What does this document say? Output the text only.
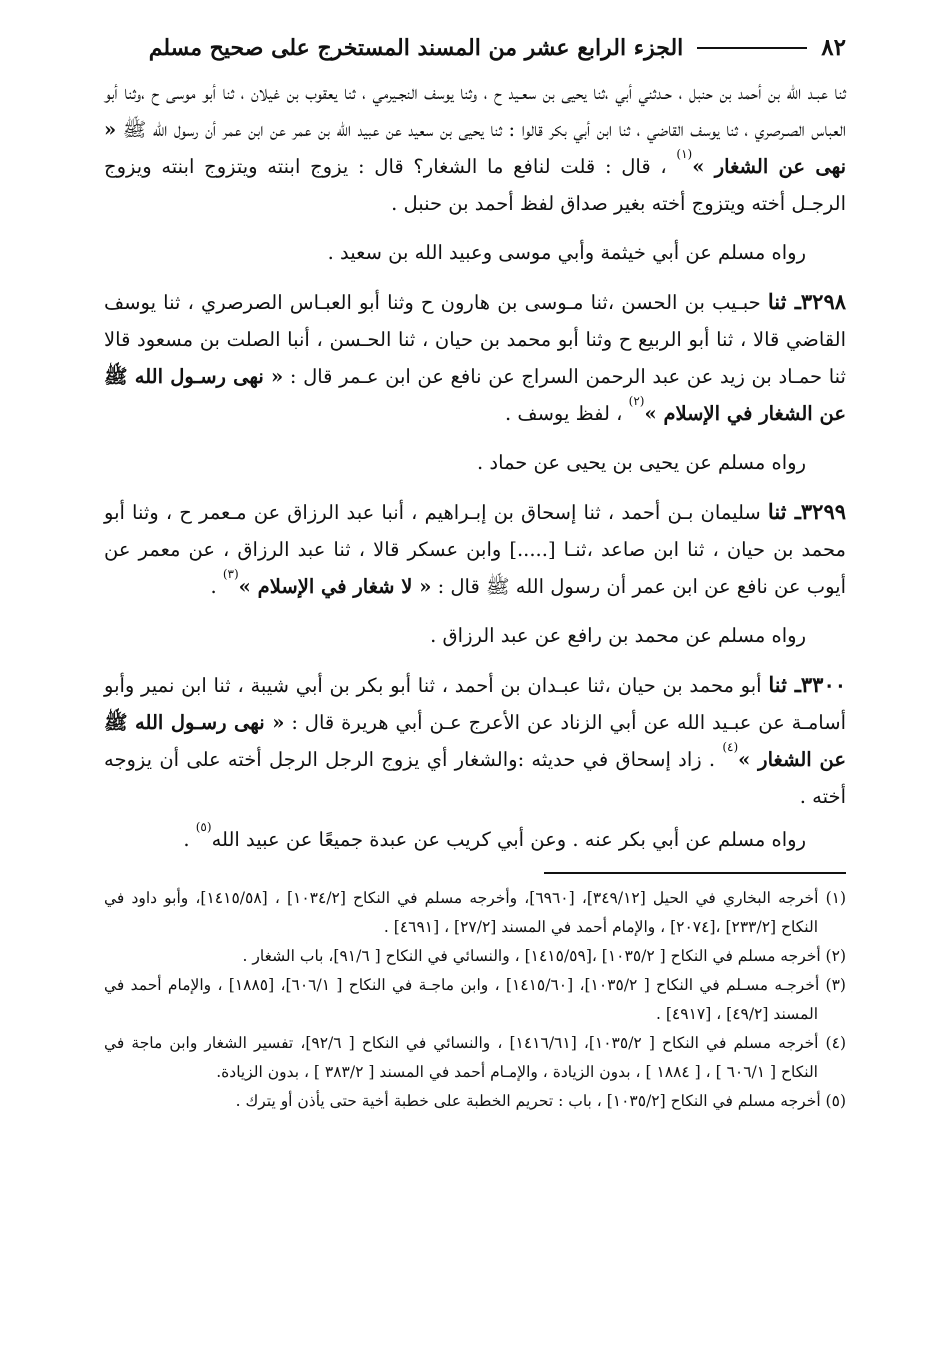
٨٢
الجزء الرابع عشر من المسند المستخرج على صحيح مسلم

ثنا عبـد الله بن أحمد بن حنبل ، حـدثني أبي ،ثنا يحيى بن سعـيد ح ، وثنا يوسف النجـيرمي ، ثنا يعقوب بن غيلان ، ثنا أبو موسى ح ،وثنا أبو العباس الصـرصري ، ثنا يوسف القاضي ، ثنا ابن أبي بكر قالوا : ثنا يحيى بن سعيد عن عبيد الله بن عمر عن ابن عمر أن رسول الله ﷺ « نهى عن الشغار »$^{(١)}$ ، قال : قلت لنافع ما الشغار؟ قال : يزوج ابنته ويتزوج ابنته ويزوج الرجـل أخته ويتزوج أخته بغير صداق لفظ أحمد بن حنبل .

رواه مسلم عن أبي خيثمة وأبي موسى وعبيد الله بن سعيد .

٣٢٩٨ـ ثنا حبـيب بن الحسن ،ثنا مـوسى بن هارون ح وثنا أبو العبـاس الصرصري ، ثنا يوسف القاضي قالا ، ثنا أبو الربيع ح وثنا أبو محمد بن حيان ، ثنا الحـسن ، أنبا الصلت بن مسعود قالا ثنا حمـاد بن زيد عن عبد الرحمن السراج عن نافع عن ابن عـمر قال : « نهى رسـول الله ﷺ عن الشغار في الإسلام »$^{(٢)}$ ، لفظ يوسف .

رواه مسلم عن يحيى بن يحيى عن حماد .

٣٢٩٩ـ ثنا سليمان بـن أحمد ، ثنا إسحاق بن إبـراهيم ، أنبا عبد الرزاق عن مـعمر ح ، وثنا أبو محمد بن حيان ، ثنا ابن صاعد ،ثنـا [.....] وابن عسكر قالا ، ثنا عبد الرزاق ، عن معمر عن أيوب عن نافع عن ابن عمر أن رسول الله ﷺ قال : « لا شغار في الإسلام »$^{(٣)}$ .

رواه مسلم عن محمد بن رافع عن عبد الرزاق .

٣٣٠٠ـ ثنا أبو محمد بن حيان ،ثنا عبـدان بن أحمد ، ثنا أبو بكر بن أبي شيبة ، ثنا ابن نمير وأبو أسامـة عن عبـيد الله عن أبي الزناد عن الأعرج عـن أبي هريرة قال : « نهى رسـول الله ﷺ عن الشغار »$^{(٤)}$ . زاد إسحاق في حديثه :والشغار أي يزوج الرجل الرجل أخته على أن يزوجه أخته .

رواه مسلم عن أبي بكر عنه . وعن أبي كريب عن عبدة جميعًا عن عبيد الله$^{(٥)}$ .

(١) أخرجه البخاري في الحيل [٣٤٩/١٢]، [٦٩٦٠]، وأخرجه مسلم في النكاح [١٠٣٤/٢] ، [١٤١٥/٥٨]، وأبو داود في النكاح [٢٣٣/٢] ،[٢٠٧٤] ، والإمام أحمد في المسند [٢٧/٢] ، [٤٦٩١] .

(٢) أخرجه مسلم في النكاح [ ١٠٣٥/٢] ،[١٤١٥/٥٩] ، والنسائي في النكاح [ ٩١/٦]، باب الشغار .

(٣) أخرجـه مسـلم في النكاح [ ١٠٣٥/٢]، [١٤١٥/٦٠] ، وابن ماجـة في النكاح [ ٦٠٦/١]، [١٨٨٥] ، والإمام أحمد في المسند [٤٩/٢] ، [٤٩١٧] .

(٤) أخرجه مسلم في النكاح [ ١٠٣٥/٢]، [١٤١٦/٦١] ، والنسائي في النكاح [ ٩٢/٦]، تفسير الشغار وابن ماجة في النكاح [ ٦٠٦/١ ] ، [ ١٨٨٤ ] ، بدون الزيادة ، والإمـام أحمد في المسند [ ٣٨٣/٢ ] ، بدون الزيادة.

(٥) أخرجه مسلم في النكاح [١٠٣٥/٢] ، باب : تحريم الخطبة على خطبة أخية حتى يأذن أو يترك .
